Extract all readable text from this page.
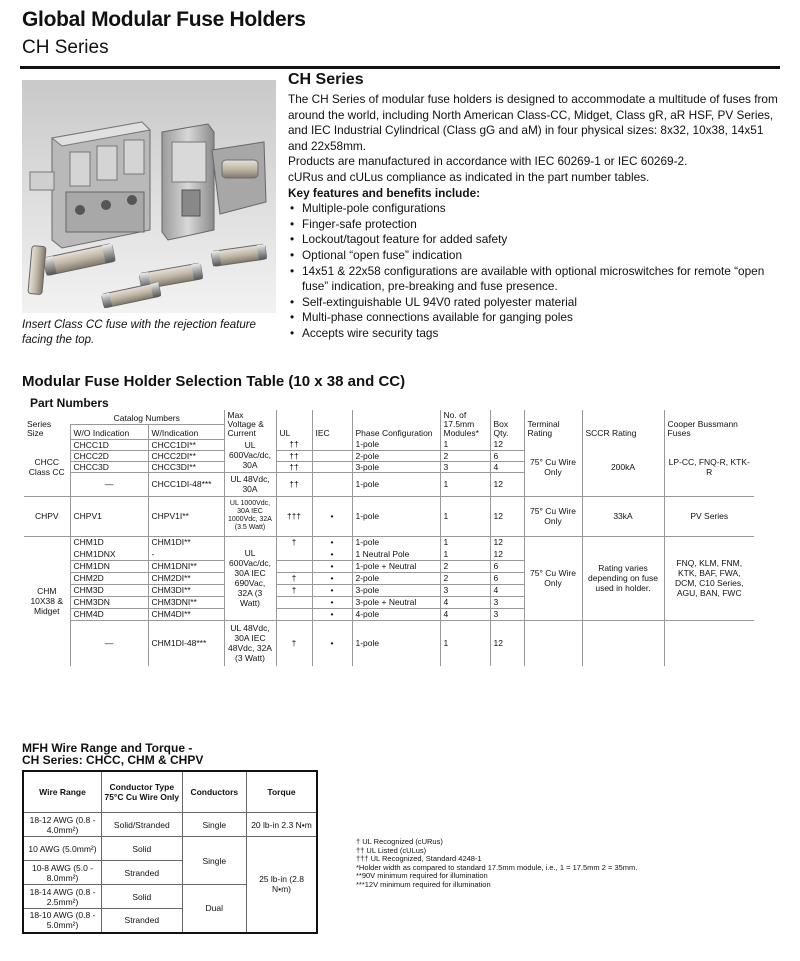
Global Modular Fuse Holders
CH Series
Insert Class CC fuse with the rejection feature facing the top.
CH Series

The CH Series of modular fuse holders is designed to accommodate a multitude of fuses from around the world, including North American Class-CC, Midget, Class gR, aR HSF, PV Series, and IEC Industrial Cylindrical (Class gG and aM) in four physical sizes: 8x32, 10x38, 14x51 and 22x58mm.

Products are manufactured in accordance with IEC 60269-1 or IEC 60269-2.

cURus and cULus compliance as indicated in the part number tables.

Key features and benefits include:

• Multiple-pole configurations
• Finger-safe protection
• Lockout/tagout feature for added safety
• Optional “open fuse” indication
• 14x51 & 22x58 configurations are available with optional microswitches for remote “open fuse” indication, pre-breaking and fuse presence.
• Self-extinguishable UL 94V0 rated polyester material
• Multi-phase connections available for ganging poles
• Accepts wire security tags
Modular Fuse Holder Selection Table (10 x 38 and CC)
Part Numbers
Series Size	Catalog Numbers		Max Voltage & Current	UL	IEC	Phase Configuration	No. of 17.5mm Modules*	Box Qty.	Terminal Rating	SCCR Rating	Cooper Bussmann Fuses
	W/O Indication	W/Indication									
CHCC Class CC	CHCC1D	CHCC1DI**	UL 600Vac/dc, 30A	††		1-pole	1	12	75° Cu Wire Only	200kA	LP-CC, FNQ-R, KTK-R
	CHCC2D	CHCC2DI**		††		2-pole	2	6			
	CHCC3D	CHCC3DI**		††		3-pole	3	4			
	—	CHCC1DI-48***	UL 48Vdc, 30A	††		1-pole	1	12			
CHPV	CHPV1	CHPV1I**	UL 1000Vdc, 30A IEC 1000Vdc, 32A (3.5 Watt)	†††	•	1-pole	1	12	75° Cu Wire Only	33kA	PV Series
CHM 10X38 & Midget	CHM1D	CHM1DI**	UL 600Vac/dc, 30A IEC 690Vac, 32A (3 Watt)	†	•	1-pole	1	12	75° Cu Wire Only	Rating varies depending on fuse used in holder.	FNQ, KLM, FNM, KTK, BAF, FWA, DCM, C10 Series, AGU, BAN, FWC
	CHM1DNX	-			•	1 Neutral Pole	1	12			
	CHM1DN	CHM1DNI**			•	1-pole + Neutral	2	6			
	CHM2D	CHM2DI**		†	•	2-pole	2	6			
	CHM3D	CHM3DI**		†	•	3-pole	3	4			
	CHM3DN	CHM3DNI**			•	3-pole + Neutral	4	3			
	CHM4D	CHM4DI**			•	4-pole	4	3			
	—	CHM1DI-48***	UL 48Vdc, 30A IEC 48Vdc, 32A (3 Watt)	†	•	1-pole	1	12			
MFH Wire Range and Torque -
CH Series: CHCC, CHM & CHPV
Wire Range	Conductor Type 75°C Cu Wire Only	Conductors	Torque
18-12 AWG (0.8 - 4.0mm²)	Solid/Stranded	Single	20 lb-in 2.3 N•m
10 AWG (5.0mm²)	Solid	Single	25 lb-in (2.8 N•m)
10-8 AWG (5.0 - 8.0mm²)	Stranded		
18-14 AWG (0.8 - 2.5mm²)	Solid	Dual	
18-10 AWG (0.8 - 5.0mm²)	Stranded		
† UL Recognized (cURus)
†† UL Listed (cULus)
††† UL Recognized, Standard 4248-1
*Holder width as compared to standard 17.5mm module, i.e., 1 = 17.5mm 2 = 35mm.
**90V minimum required for illumination
***12V minimum required for illumination
